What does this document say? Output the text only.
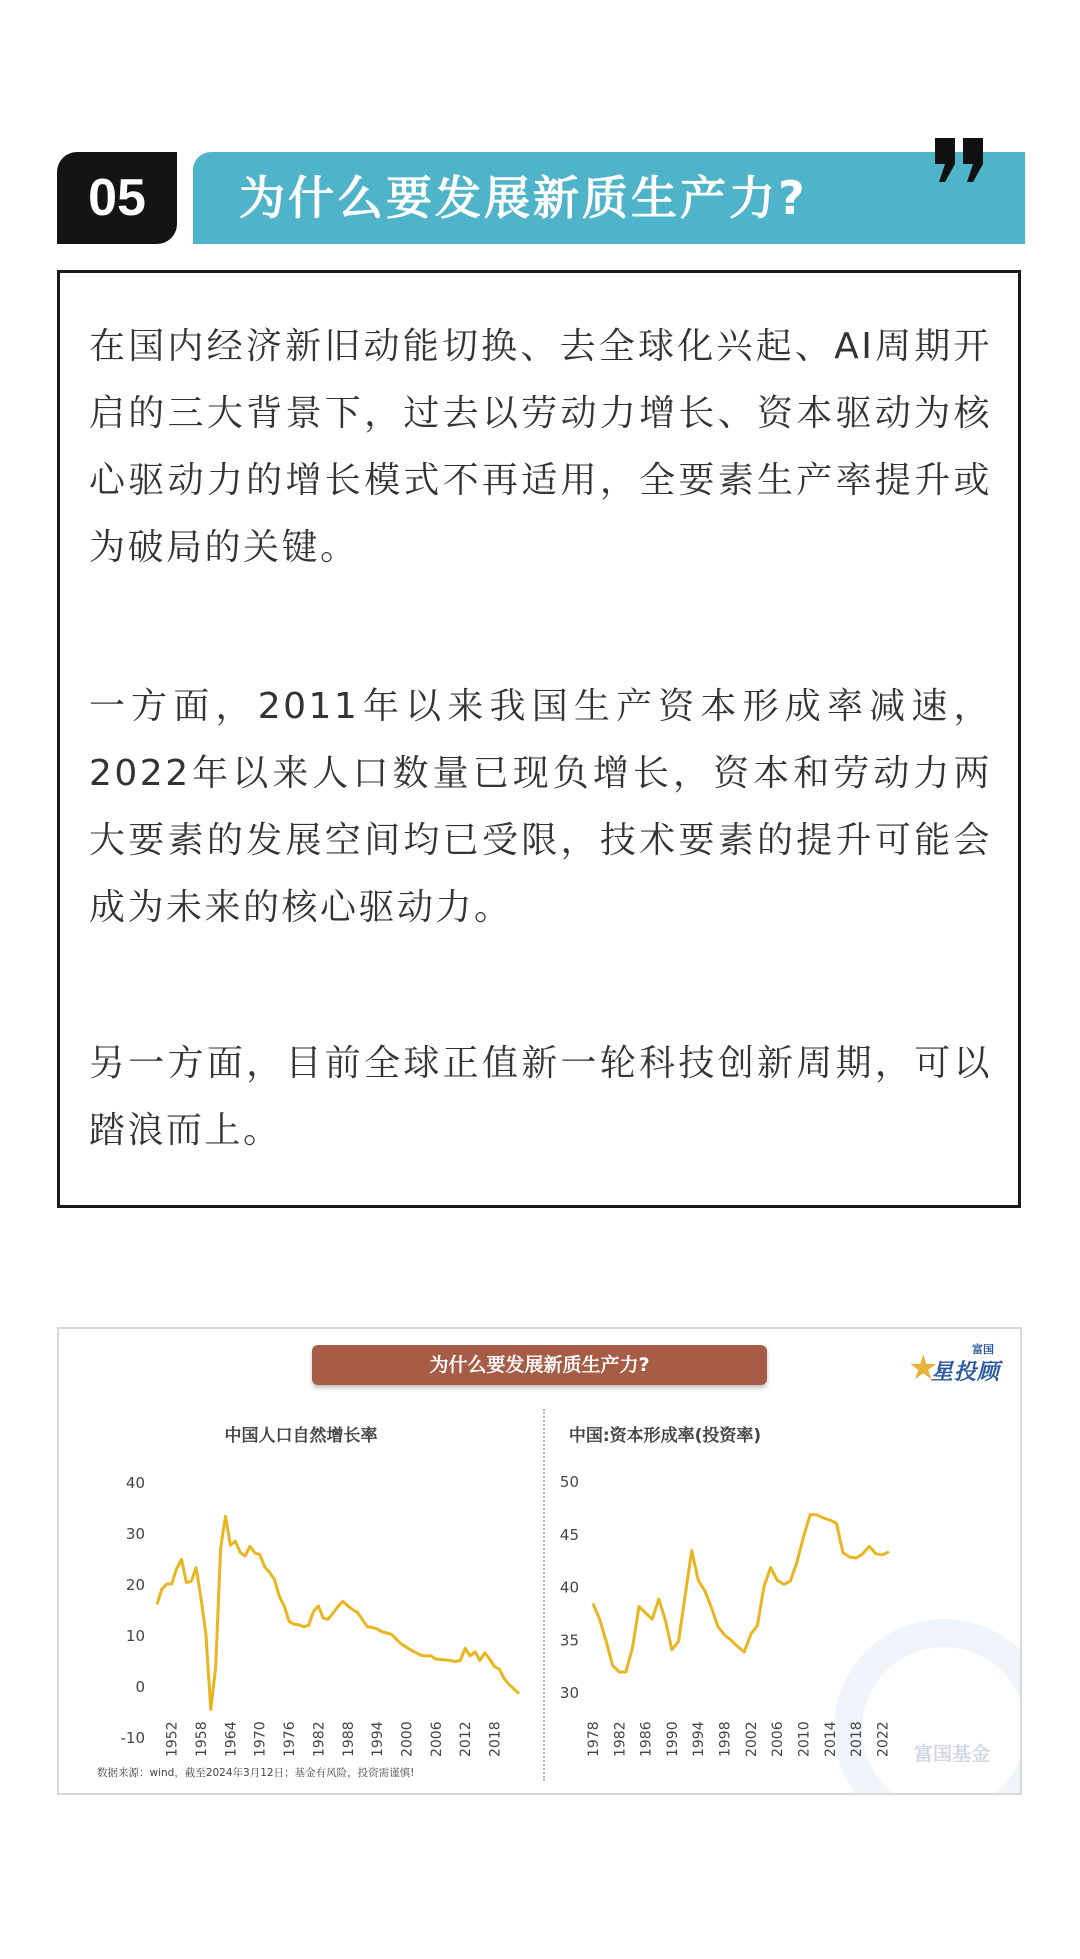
05	为什么要发展新质生产力?

在国内经济新旧动能切换、去全球化兴起、AI周期开启的三大背景下，过去以劳动力增长、资本驱动为核心驱动力的增长模式不再适用，全要素生产率提升或为破局的关键。

一方面，2011年以来我国生产资本形成率减速，2022年以来人口数量已现负增长，资本和劳动力两大要素的发展空间均已受限，技术要素的提升可能会成为未来的核心驱动力。

另一方面，目前全球正值新一轮科技创新周期，可以踏浪而上。

富国基金
为什么要发展新质生产力?	★	富国
星投顾
中国人口自然增长率
40
30
20
10
0
-10 1952 1958 1964 1970 1976 1982 1988 1994 2000 2006 2012 2018
中国:资本形成率(投资率)
50
45
40
35
30
1978 1982 1986 1990 1994 1998 2002 2006 2010 2014 2018 2022
数据来源：wind，截至2024年3月12日；基金有风险，投资需谨慎!
